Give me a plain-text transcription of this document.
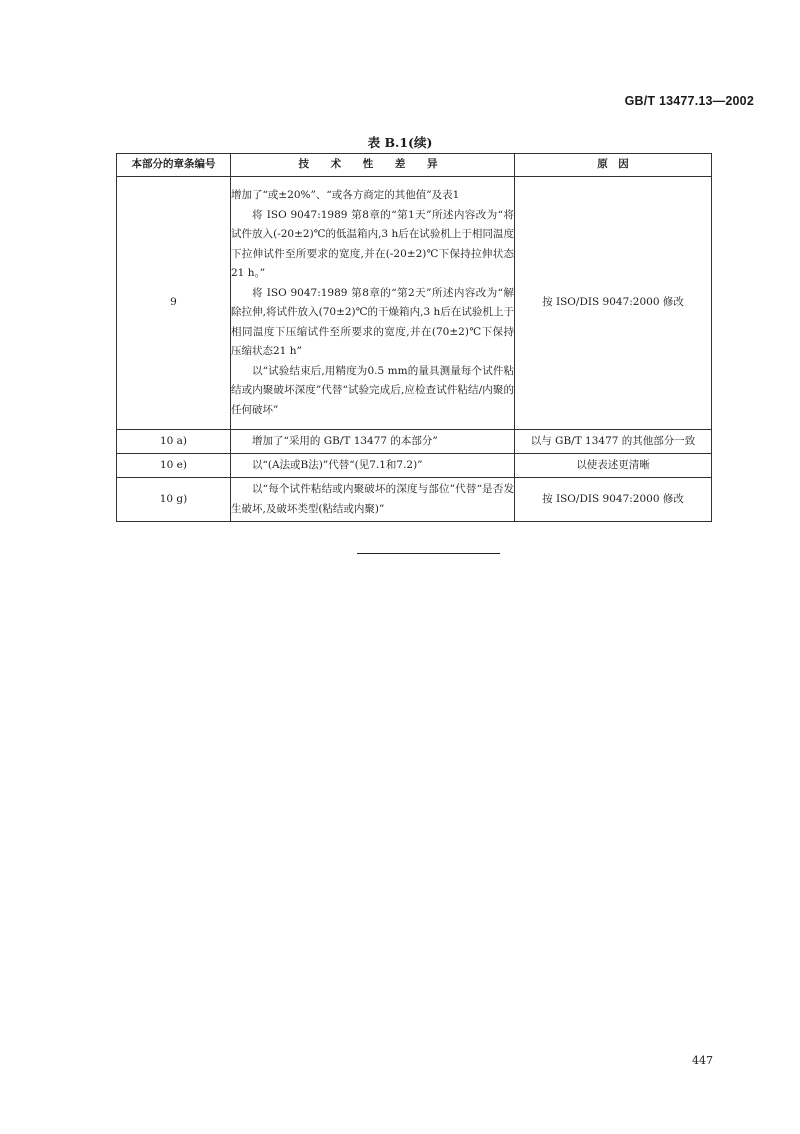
GB/T 13477.13—2002
表 B.1(续)
本部分的章条编号	技 术 性 差 异	原　因
9	增加了“或±20%”、“或各方商定的其他值”及表1

将 ISO 9047:1989 第8章的“第1天”所述内容改为“将试件放入(-20±2)℃的低温箱内,3 h后在试验机上于相同温度下拉伸试件至所要求的宽度,并在(-20±2)℃下保持拉伸状态21 h。”

将 ISO 9047:1989 第8章的“第2天”所述内容改为“解除拉伸,将试件放入(70±2)℃的干燥箱内,3 h后在试验机上于相同温度下压缩试件至所要求的宽度,并在(70±2)℃下保持压缩状态21 h”

以“试验结束后,用精度为0.5 mm的量具测量每个试件粘结或内聚破坏深度”代替“试验完成后,应检查试件粘结/内聚的任何破坏”	按 ISO/DIS 9047:2000 修改
10 a)	增加了“采用的 GB/T 13477 的本部分”	以与 GB/T 13477 的其他部分一致
10 e)	以“(A法或B法)”代替“(见7.1和7.2)”	以使表述更清晰
10 g)	以“每个试件粘结或内聚破坏的深度与部位”代替“是否发生破坏,及破坏类型(粘结或内聚)”	按 ISO/DIS 9047:2000 修改
447
